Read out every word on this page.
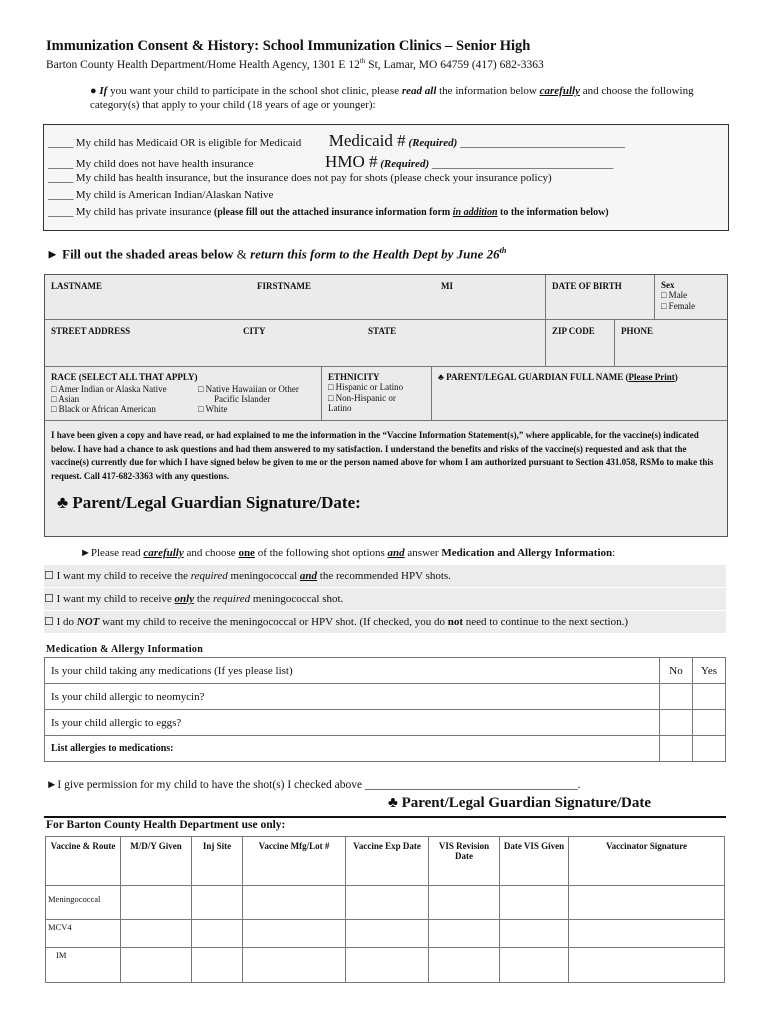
Immunization Consent & History: School Immunization Clinics – Senior High
Barton County Health Department/Home Health Agency, 1301 E 12th St, Lamar, MO 64759 (417) 682-3363
● If you want your child to participate in the school shot clinic, please read all the information below carefully and choose the following category(s) that apply to your child (18 years of age or younger):
_____ My child has Medicaid OR is eligible for Medicaid Medicaid # (Required) ______________________________
_____ My child does not have health insurance	HMO # (Required) _________________________________
_____ My child has health insurance, but the insurance does not pay for shots (please check your insurance policy)
_____ My child is American Indian/Alaskan Native
_____ My child has private insurance (please fill out the attached insurance information form in addition to the information below)
► Fill out the shaded areas below & return this form to the Health Dept by June 26th
LASTNAME	FIRSTNAME	MI	DATE OF BIRTH	Sex
□ Male
□ Female
STREET ADDRESS	CITY	STATE	ZIP CODE	PHONE
RACE (SELECT ALL THAT APPLY)
□ Amer Indian or Alaska Native	□ Native Hawaiian or Other
Pacific Islander
□ Asian
□ Black or African American	□ White
ETHNICITY
□ Hispanic or Latino
□ Non-Hispanic or
Latino
♣ PARENT/LEGAL GUARDIAN FULL NAME (Please Print)
I have been given a copy and have read, or had explained to me the information in the “Vaccine Information Statement(s),” where applicable, for the vaccine(s) indicated below. I have had a chance to ask questions and had them answered to my satisfaction. I understand the benefits and risks of the vaccine(s) requested and ask that the vaccine(s) currently due for which I have signed below be given to me or the person named above for whom I am authorized pursuant to Section 431.058, RSMo to make this request. Call 417-682-3363 with any questions.
♣ Parent/Legal Guardian Signature/Date:
►Please read carefully and choose one of the following shot options and answer Medication and Allergy Information:
☐ I want my child to receive the required meningococcal and the recommended HPV shots.
☐ I want my child to receive only the required meningococcal shot.
☐ I do NOT want my child to receive the meningococcal or HPV shot. (If checked, you do not need to continue to the next section.)
Medication & Allergy Information
Is your child taking any medications (If yes please list)	No	Yes
Is your child allergic to neomycin?		
Is your child allergic to eggs?		
List allergies to medications:		
►I give permission for my child to have the shot(s) I checked above _____________________________________.
♣ Parent/Legal Guardian Signature/Date
For Barton County Health Department use only:
Vaccine & Route	M/D/Y Given	Inj Site	Vaccine Mfg/Lot #	Vaccine Exp Date	VIS Revision Date	Date VIS Given	Vaccinator Signature
Meningococcal							
MCV4							
IM							
